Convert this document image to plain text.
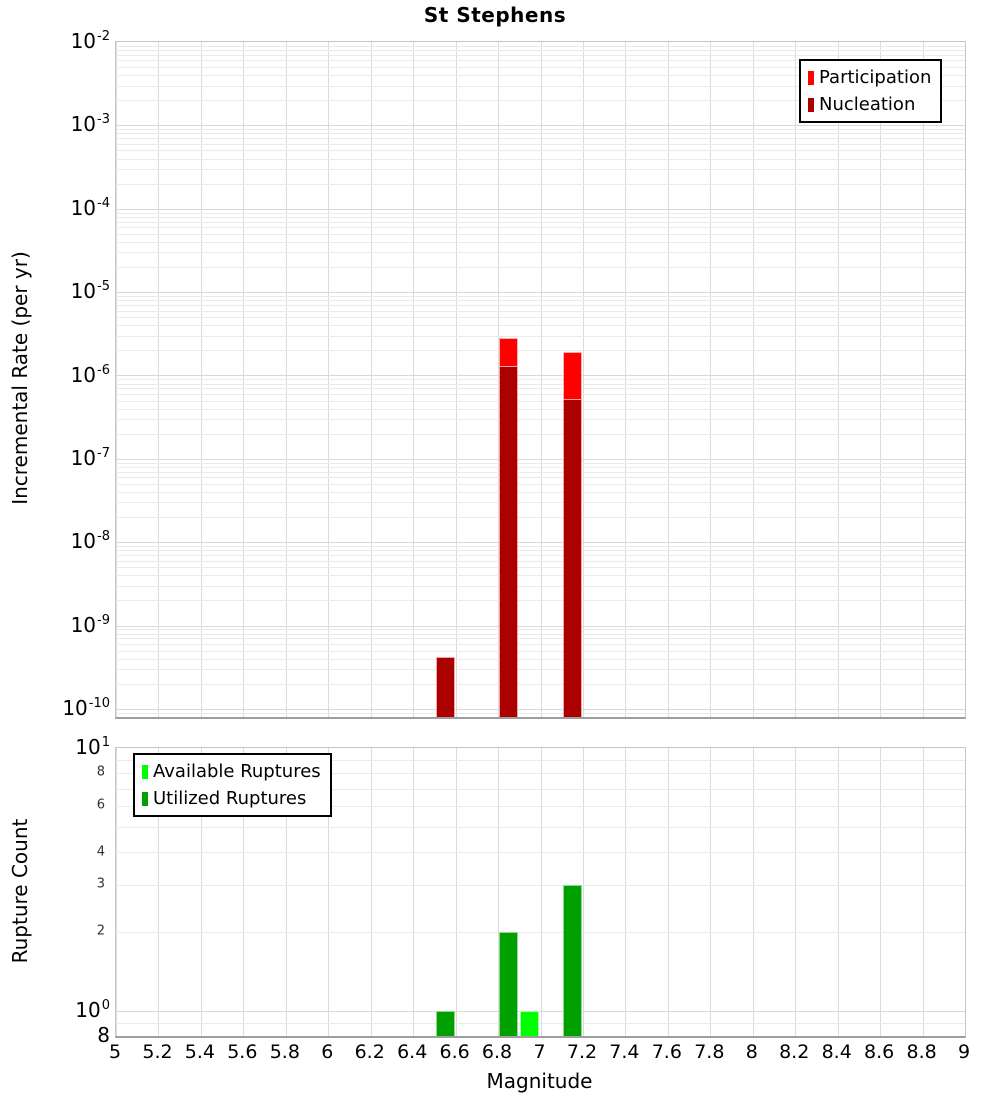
St Stephens
Incremental Rate (per yr)
Rupture Count
Magnitude
$10^{-2}$
$10^{-3}$
$10^{-4}$
$10^{-5}$
$10^{-6}$
$10^{-7}$
$10^{-8}$
$10^{-9}$
$10^{-10}$
$10^1$
$10^0$
8
8
6
4
3
2
5 5.2 5.4 5.6 5.8 6 6.2 6.4 6.6 6.8 7 7.2 7.4 7.6 7.8 8 8.2 8.4 8.6 8.8 9
Participation
Nucleation
Available Ruptures
Utilized Ruptures
